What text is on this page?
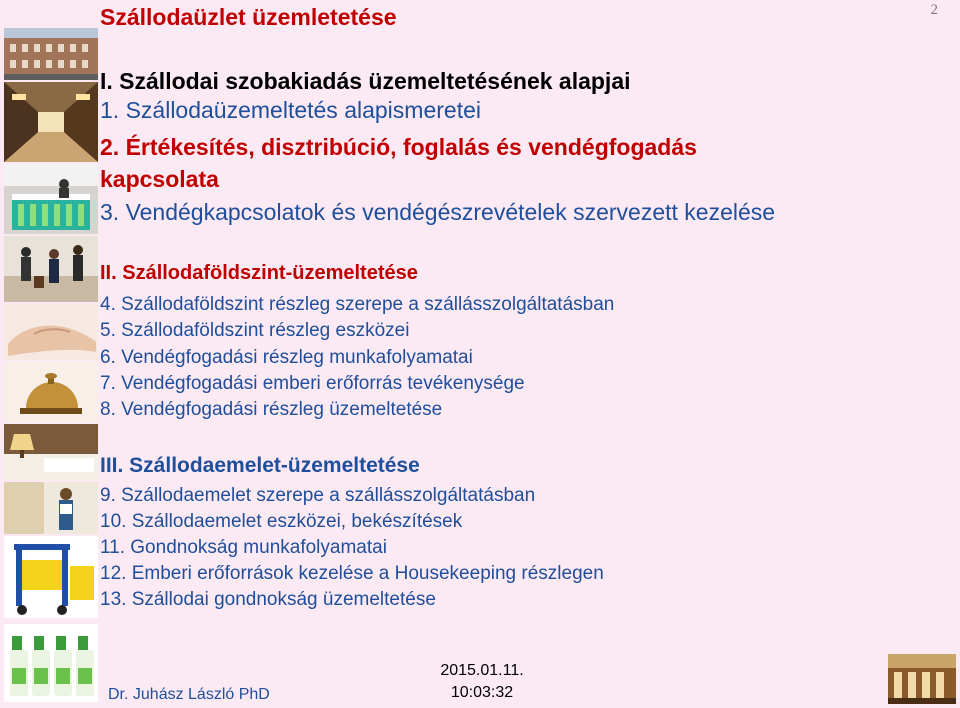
2
Szállodaüzlet üzemletetése
I. Szállodai szobakiadás üzemeltetésének alapjai
1. Szállodaüzemeltetés alapismeretei
2. Értékesítés, disztribúció, foglalás és vendégfogadás
kapcsolata
3. Vendégkapcsolatok és vendégészrevételek szervezett kezelése
II. Szállodaföldszint-üzemeltetése
4. Szállodaföldszint részleg szerepe a szállásszolgáltatásban
5. Szállodaföldszint részleg eszközei
6. Vendégfogadási részleg munkafolyamatai
7. Vendégfogadási emberi erőforrás tevékenysége
8. Vendégfogadási részleg üzemeltetése
III. Szállodaemelet-üzemeltetése
9. Szállodaemelet szerepe a szállásszolgáltatásban
10. Szállodaemelet eszközei, bekészítések
11. Gondnokság munkafolyamatai
12. Emberi erőforrások kezelése a Housekeeping részlegen
13. Szállodai gondnokság üzemeltetése
Dr. Juhász László PhD
2015.01.11.
10:03:32
